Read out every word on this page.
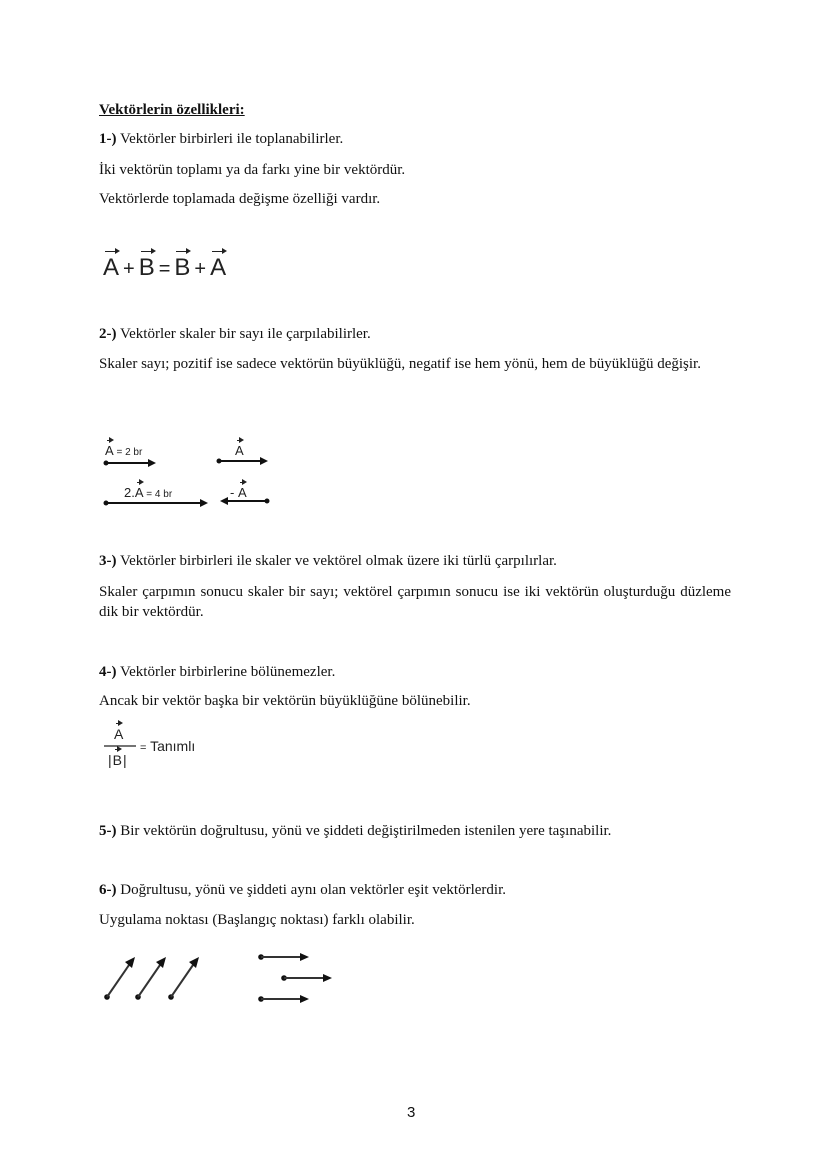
Vektörlerin özellikleri:
1-) Vektörler birbirleri ile toplanabilirler.
İki vektörün toplamı ya da farkı yine bir vektördür.
Vektörlerde toplamada değişme özelliği vardır.
A + B = B + A
2-) Vektörler skaler bir sayı ile çarpılabilirler.
Skaler sayı; pozitif ise sadece vektörün büyüklüğü, negatif ise hem yönü, hem de büyüklüğü değişir.
A = 2 br
2.A = 4 br
A
- A
3-) Vektörler birbirleri ile skaler ve vektörel olmak üzere iki türlü çarpılırlar.
Skaler çarpımın sonucu skaler bir sayı; vektörel çarpımın sonucu ise iki vektörün oluşturduğu düzleme dik bir vektördür.
4-) Vektörler birbirlerine bölünemezler.
Ancak bir vektör başka bir vektörün büyüklüğüne bölünebilir.
A
|B|
= Tanımlı
5-) Bir vektörün doğrultusu, yönü ve şiddeti değiştirilmeden istenilen yere taşınabilir.
6-) Doğrultusu, yönü ve şiddeti aynı olan vektörler eşit vektörlerdir.
Uygulama noktası (Başlangıç noktası) farklı olabilir.
3
